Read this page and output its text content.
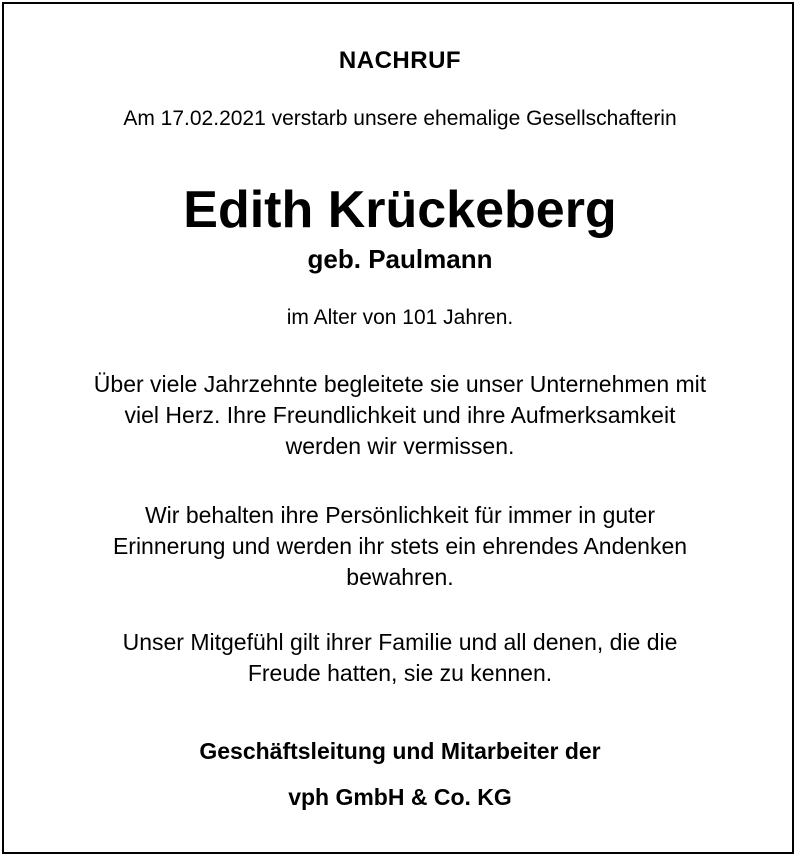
NACHRUF
Am 17.02.2021 verstarb unsere ehemalige Gesellschafterin
Edith Krückeberg
geb. Paulmann
im Alter von 101 Jahren.
Über viele Jahrzehnte begleitete sie unser Unternehmen mit
viel Herz. Ihre Freundlichkeit und ihre Aufmerksamkeit
werden wir vermissen.
Wir behalten ihre Persönlichkeit für immer in guter
Erinnerung und werden ihr stets ein ehrendes Andenken
bewahren.
Unser Mitgefühl gilt ihrer Familie und all denen, die die
Freude hatten, sie zu kennen.
Geschäftsleitung und Mitarbeiter der
vph GmbH & Co. KG
